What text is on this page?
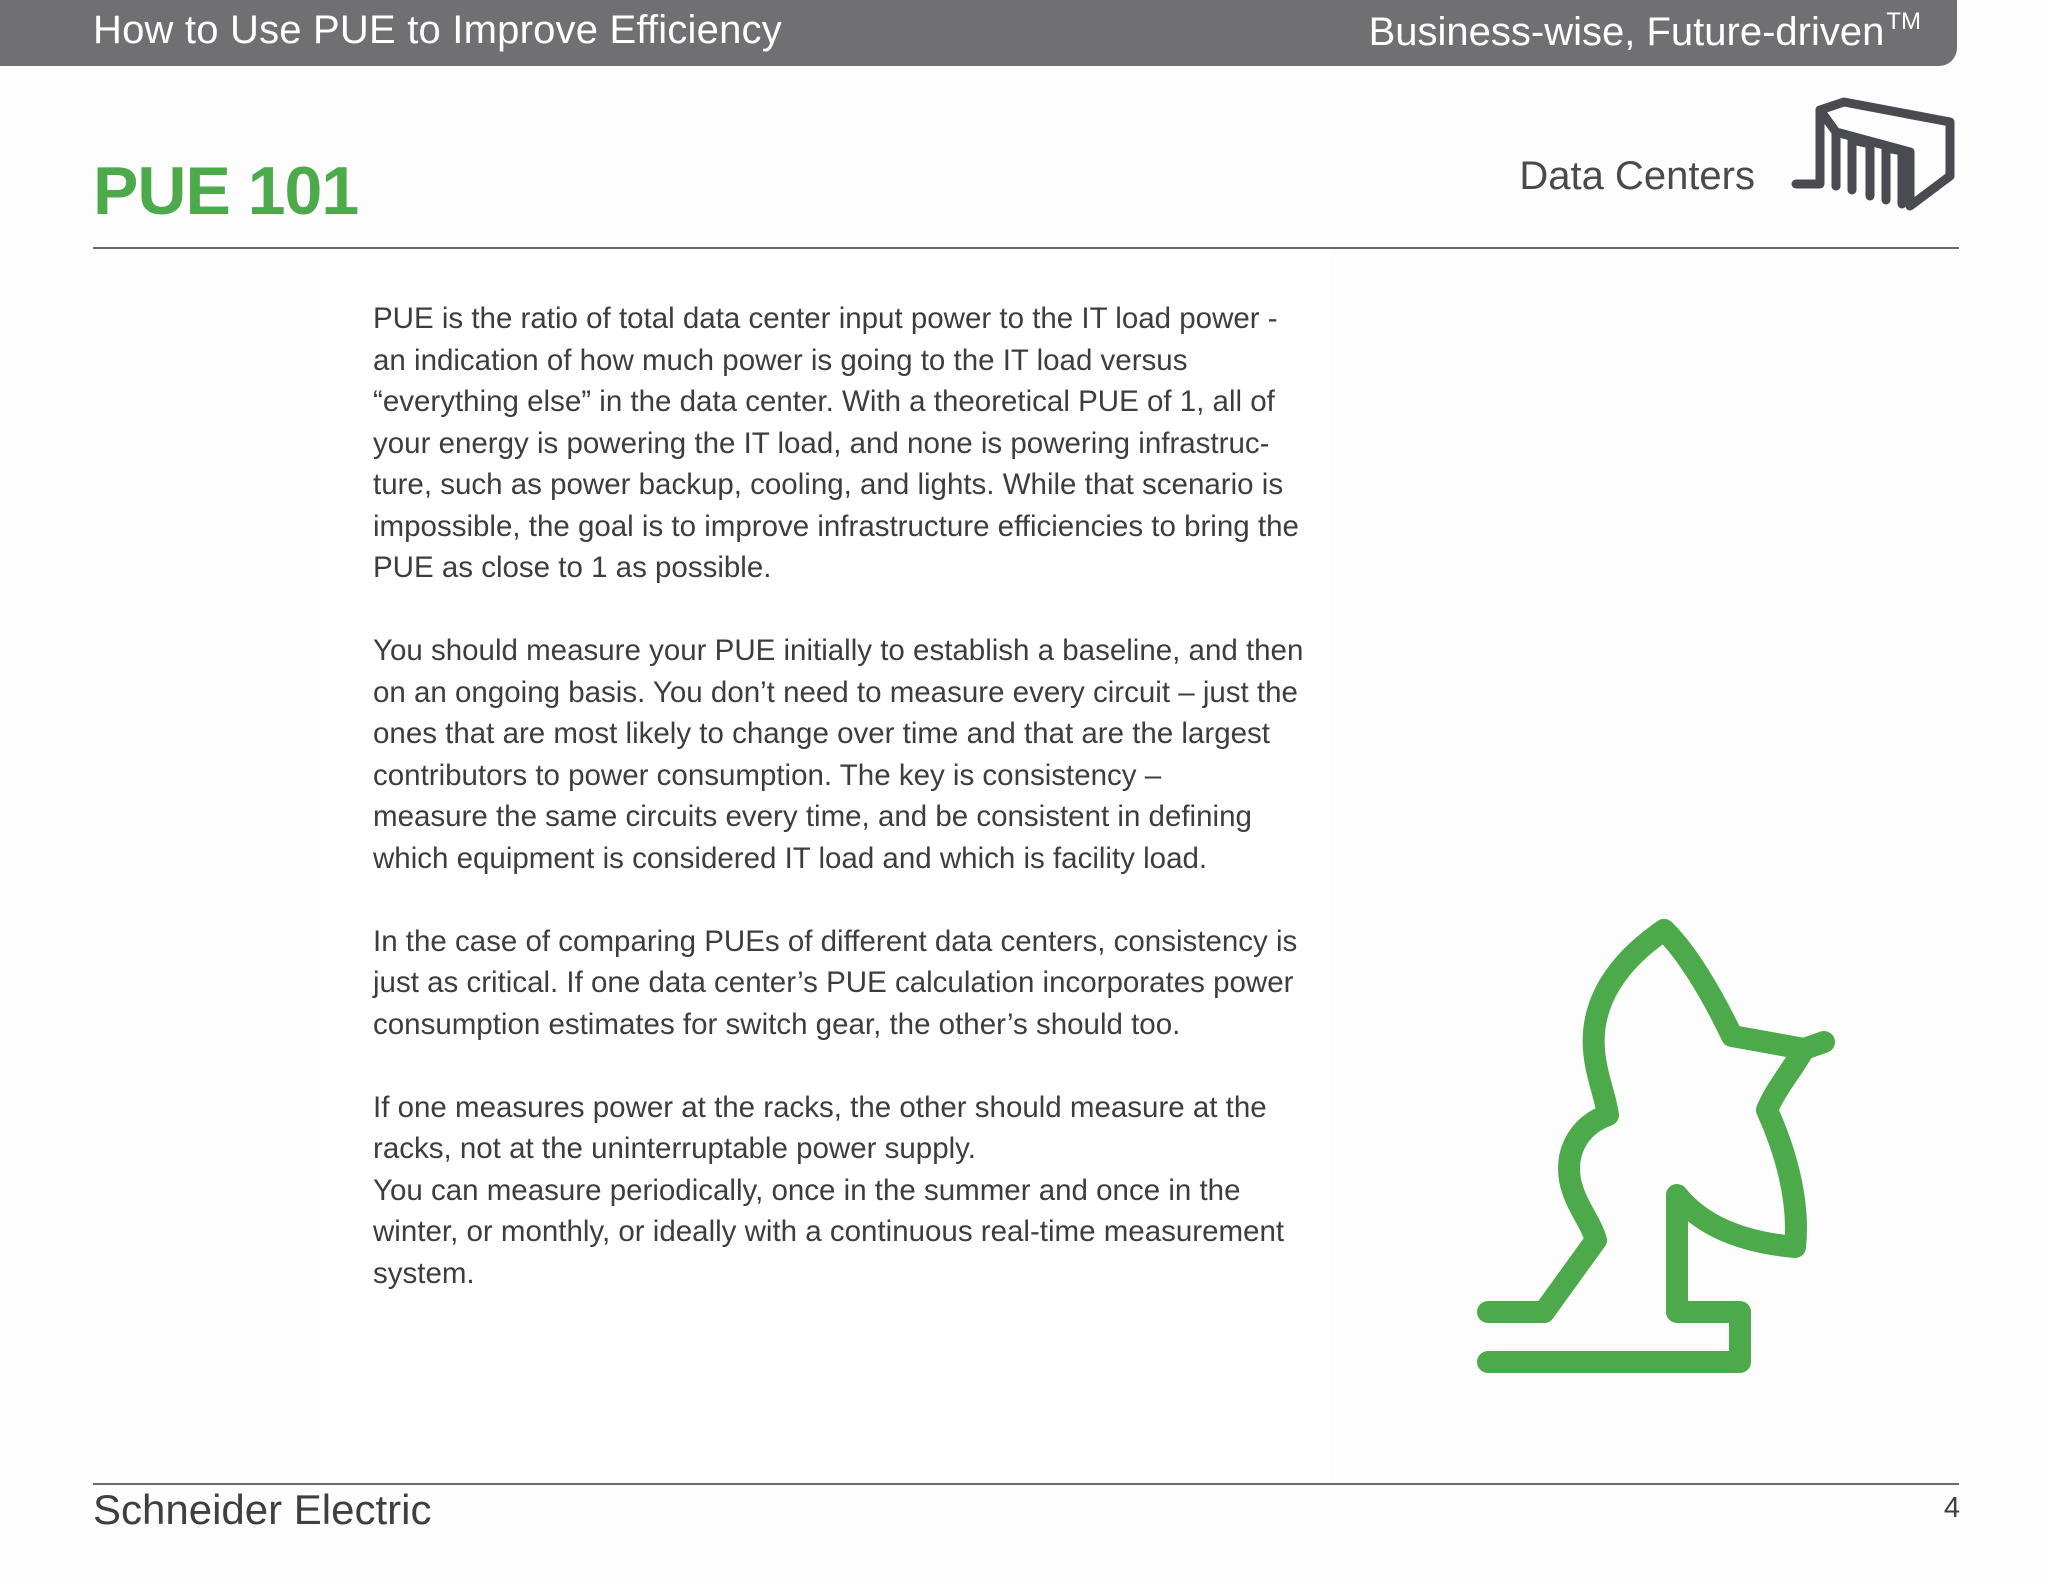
How to Use PUE to Improve Efficiency	Business-wise, Future-driven™
PUE 101	Data Centers

PUE is the ratio of total data center input power to the IT load power -
an indication of how much power is going to the IT load versus
“everything else” in the data center. With a theoretical PUE of 1, all of
your energy is powering the IT load, and none is powering infrastruc-
ture, such as power backup, cooling, and lights. While that scenario is
impossible, the goal is to improve infrastructure efficiencies to bring the
PUE as close to 1 as possible.

You should measure your PUE initially to establish a baseline, and then
on an ongoing basis. You don’t need to measure every circuit – just the
ones that are most likely to change over time and that are the largest
contributors to power consumption. The key is consistency –
measure the same circuits every time, and be consistent in defining
which equipment is considered IT load and which is facility load.

In the case of comparing PUEs of different data centers, consistency is
just as critical. If one data center’s PUE calculation incorporates power
consumption estimates for switch gear, the other’s should too.

If one measures power at the racks, the other should measure at the
racks, not at the uninterruptable power supply.

You can measure periodically, once in the summer and once in the
winter, or monthly, or ideally with a continuous real-time measurement
system.

Schneider Electric	4
